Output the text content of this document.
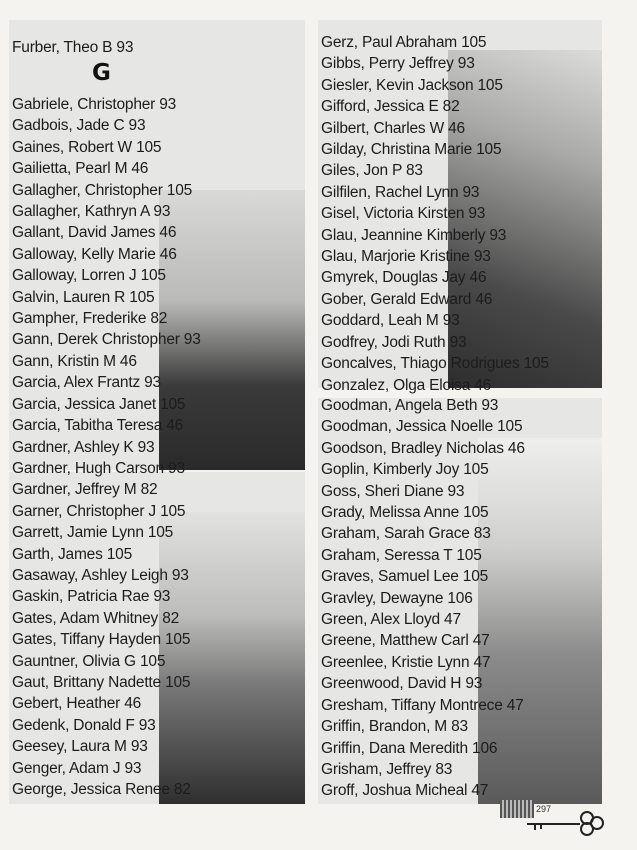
Furber, Theo B 93
G
Gabriele, Christopher 93
Gadbois, Jade C 93
Gaines, Robert W 105
Gailietta, Pearl M 46
Gallagher, Christopher 105
Gallagher, Kathryn A 93
Gallant, David James 46
Galloway, Kelly Marie 46
Galloway, Lorren J 105
Galvin, Lauren R 105
Gampher, Frederike 82
Gann, Derek Christopher 93
Gann, Kristin M 46
Garcia, Alex Frantz 93
Garcia, Jessica Janet 105
Garcia, Tabitha Teresa 46
Gardner, Ashley K 93
Gardner, Hugh Carson 93
Gardner, Jeffrey M 82
Garner, Christopher J 105
Garrett, Jamie Lynn 105
Garth, James 105
Gasaway, Ashley Leigh 93
Gaskin, Patricia Rae 93
Gates, Adam Whitney 82
Gates, Tiffany Hayden 105
Gauntner, Olivia G 105
Gaut, Brittany Nadette 105
Gebert, Heather 46
Gedenk, Donald F 93
Geesey, Laura M 93
Genger, Adam J 93
George, Jessica Renee 82
Gerz, Paul Abraham 105
Gibbs, Perry Jeffrey 93
Giesler, Kevin Jackson 105
Gifford, Jessica E 82
Gilbert, Charles W 46
Gilday, Christina Marie 105
Giles, Jon P 83
Gilfilen, Rachel Lynn 93
Gisel, Victoria Kirsten 93
Glau, Jeannine Kimberly 93
Glau, Marjorie Kristine 93
Gmyrek, Douglas Jay 46
Gober, Gerald Edward 46
Goddard, Leah M 93
Godfrey, Jodi Ruth 93
Goncalves, Thiago Rodrigues 105
Gonzalez, Olga Eloisa 46
Goodman, Angela Beth 93
Goodman, Jessica Noelle 105
Goodson, Bradley Nicholas 46
Goplin, Kimberly Joy 105
Goss, Sheri Diane 93
Grady, Melissa Anne 105
Graham, Sarah Grace 83
Graham, Seressa T 105
Graves, Samuel Lee 105
Gravley, Dewayne 106
Green, Alex Lloyd 47
Greene, Matthew Carl 47
Greenlee, Kristie Lynn 47
Greenwood, David H 93
Gresham, Tiffany Montrece 47
Griffin, Brandon, M 83
Griffin, Dana Meredith 106
Grisham, Jeffrey 83
Groff, Joshua Micheal 47
297
